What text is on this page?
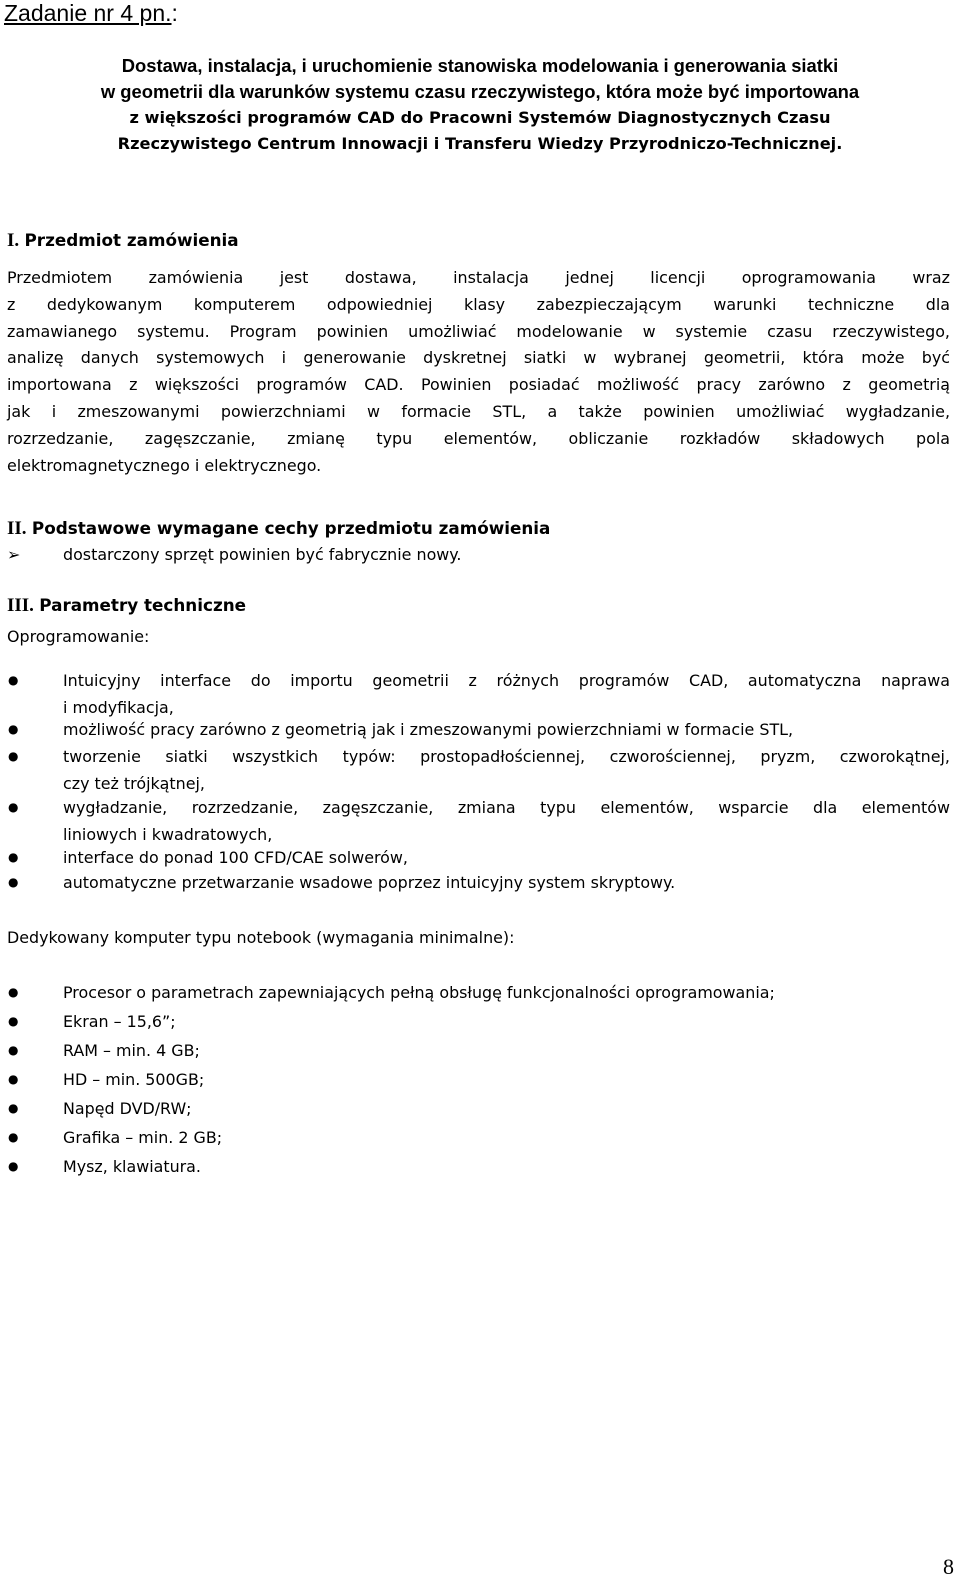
Zadanie nr 4 pn.:
Dostawa, instalacja, i uruchomienie stanowiska modelowania i generowania siatki
w geometrii dla warunków systemu czasu rzeczywistego, która może być importowana
z większości programów CAD do Pracowni Systemów Diagnostycznych Czasu
Rzeczywistego Centrum Innowacji i Transferu Wiedzy Przyrodniczo-Technicznej.
I. Przedmiot zamówienia
Przedmiotem zamówienia jest dostawa, instalacja jednej licencji oprogramowania wraz
z dedykowanym komputerem odpowiedniej klasy zabezpieczającym warunki techniczne dla
zamawianego systemu. Program powinien umożliwiać modelowanie w systemie czasu rzeczywistego,
analizę danych systemowych i generowanie dyskretnej siatki w wybranej geometrii, która może być
importowana z większości programów CAD. Powinien posiadać możliwość pracy zarówno z geometrią
jak i zmeszowanymi powierzchniami w formacie STL, a także powinien umożliwiać wygładzanie,
rozrzedzanie, zagęszczanie, zmianę typu elementów, obliczanie rozkładów składowych pola
elektromagnetycznego i elektrycznego.
II. Podstawowe wymagane cechy przedmiotu zamówienia
➢	dostarczony sprzęt powinien być fabrycznie nowy.
III. Parametry techniczne
Oprogramowanie:
●	Intuicyjny interface do importu geometrii z różnych programów CAD, automatyczna naprawa
i modyfikacja,
●	możliwość pracy zarówno z geometrią jak i zmeszowanymi powierzchniami w formacie STL,
●	tworzenie siatki wszystkich typów: prostopadłościennej, czworościennej, pryzm, czworokątnej,
czy też trójkątnej,
●	wygładzanie, rozrzedzanie, zagęszczanie, zmiana typu elementów, wsparcie dla elementów
liniowych i kwadratowych,
●	interface do ponad 100 CFD/CAE solwerów,
●	automatyczne przetwarzanie wsadowe poprzez intuicyjny system skryptowy.
Dedykowany komputer typu notebook (wymagania minimalne):
●	Procesor o parametrach zapewniających pełną obsługę funkcjonalności oprogramowania;
●	Ekran – 15,6”;
●	RAM – min. 4 GB;
●	HD – min. 500GB;
●	Napęd DVD/RW;
●	Grafika – min. 2 GB;
●	Mysz, klawiatura.
8
